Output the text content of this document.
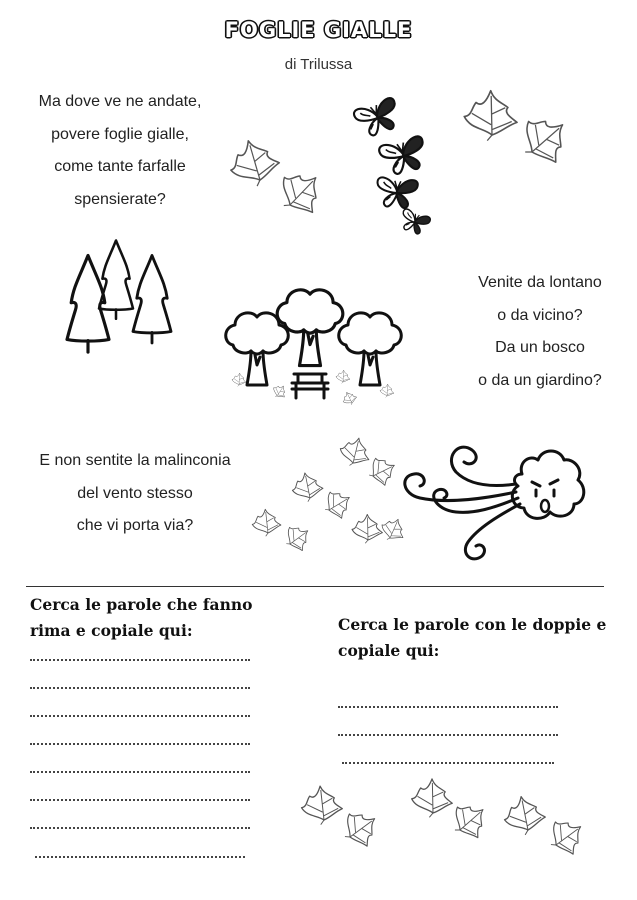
FOGLIE GIALLE
di Trilussa
Ma dove ve ne andate,
povere foglie gialle,
come tante farfalle
spensierate?
Venite da lontano
o da vicino?
Da un bosco
o da un giardino?
E non sentite la malinconia
del vento stesso
che vi porta via?
Cerca le parole che fanno rima e copiale qui:	Cerca le parole con le doppie e copiale qui:
